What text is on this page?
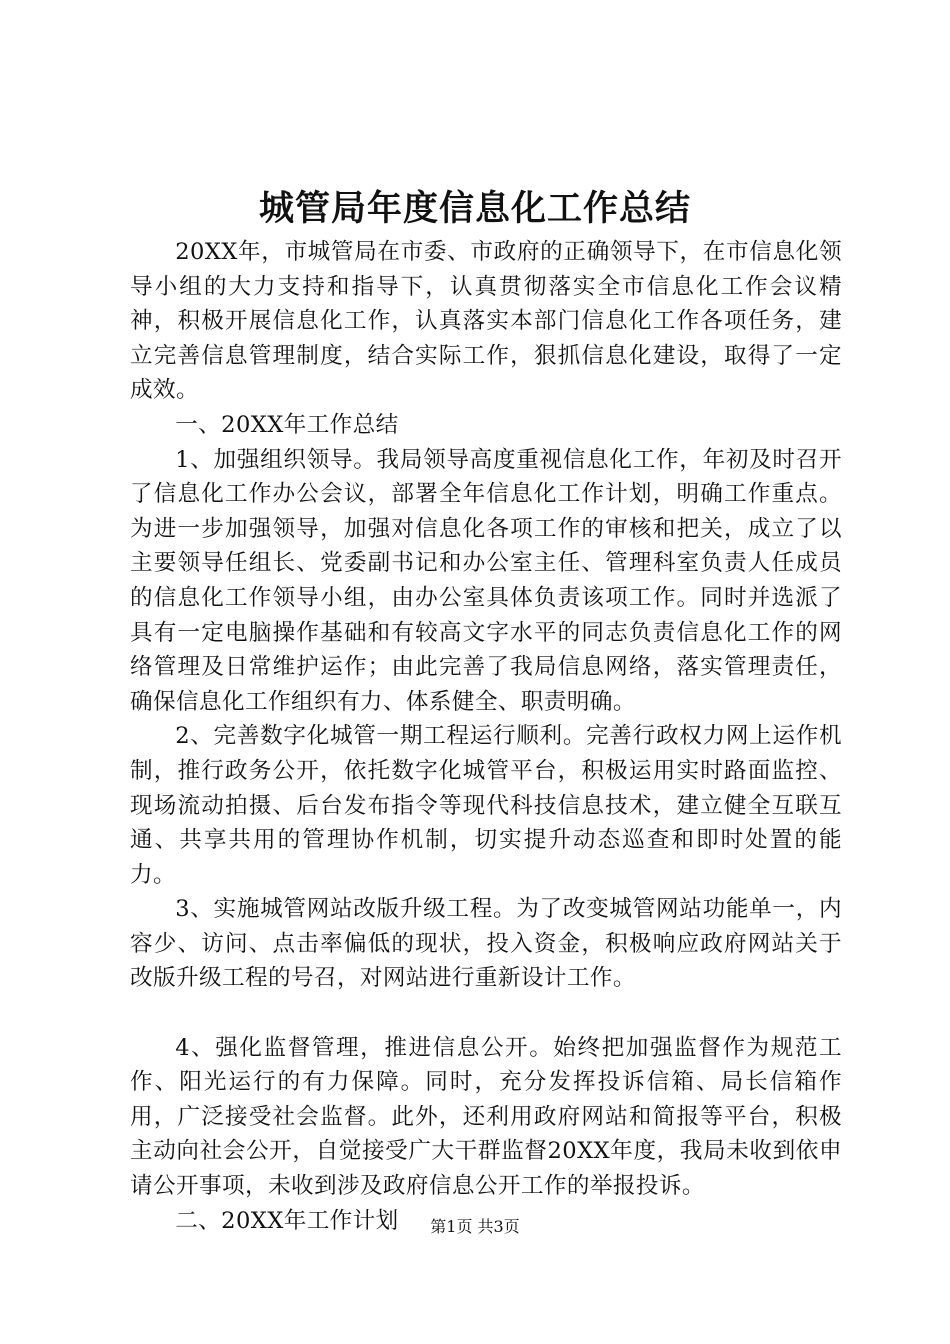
城管局年度信息化工作总结

20XX年，市城管局在市委、市政府的正确领导下，在市信息化领导小组的大力支持和指导下，认真贯彻落实全市信息化工作会议精神，积极开展信息化工作，认真落实本部门信息化工作各项任务，建立完善信息管理制度，结合实际工作，狠抓信息化建设，取得了一定成效。

一、20XX年工作总结

1、加强组织领导。我局领导高度重视信息化工作，年初及时召开了信息化工作办公会议，部署全年信息化工作计划，明确工作重点。为进一步加强领导，加强对信息化各项工作的审核和把关，成立了以主要领导任组长、党委副书记和办公室主任、管理科室负责人任成员的信息化工作领导小组，由办公室具体负责该项工作。同时并选派了具有一定电脑操作基础和有较高文字水平的同志负责信息化工作的网络管理及日常维护运作；由此完善了我局信息网络，落实管理责任，确保信息化工作组织有力、体系健全、职责明确。

2、完善数字化城管一期工程运行顺利。完善行政权力网上运作机制，推行政务公开，依托数字化城管平台，积极运用实时路面监控、现场流动拍摄、后台发布指令等现代科技信息技术，建立健全互联互通、共享共用的管理协作机制，切实提升动态巡查和即时处置的能力。

3、实施城管网站改版升级工程。为了改变城管网站功能单一，内容少、访问、点击率偏低的现状，投入资金，积极响应政府网站关于改版升级工程的号召，对网站进行重新设计工作。

4、强化监督管理，推进信息公开。始终把加强监督作为规范工作、阳光运行的有力保障。同时，充分发挥投诉信箱、局长信箱作用，广泛接受社会监督。此外，还利用政府网站和简报等平台，积极主动向社会公开，自觉接受广大干群监督20XX年度，我局未收到依申请公开事项，未收到涉及政府信息公开工作的举报投诉。

二、20XX年工作计划	第1页 共3页
